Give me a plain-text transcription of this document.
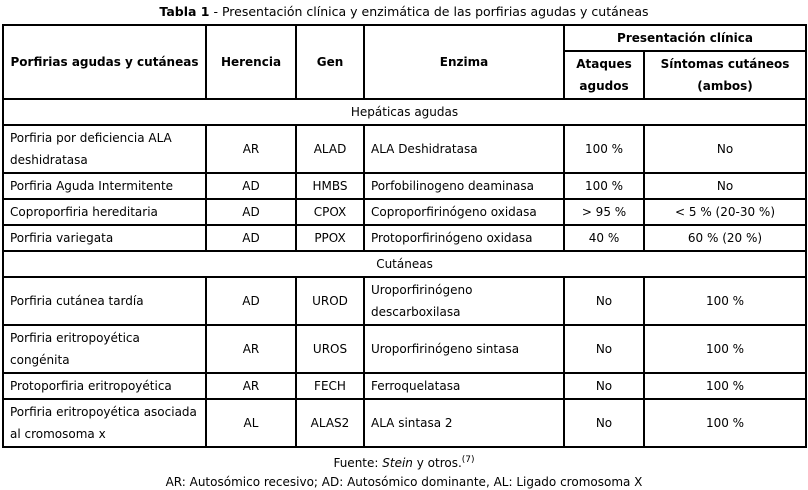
Tabla 1 - Presentación clínica y enzimática de las porfirias agudas y cutáneas
Porfirias agudas y cutáneas	Herencia	Gen	Enzima	Presentación clínica	
				Ataques agudos	Síntomas cutáneos (ambos)
Hepáticas agudas					
Porfiria por deficiencia ALA deshidratasa	AR	ALAD	ALA Deshidratasa	100 %	No
Porfiria Aguda Intermitente	AD	HMBS	Porfobilinogeno deaminasa	100 %	No
Coproporfiria hereditaria	AD	CPOX	Coproporfirinógeno oxidasa	> 95 %	< 5 % (20-30 %)
Porfiria variegata	AD	PPOX	Protoporfirinógeno oxidasa	40 %	60 % (20 %)
Cutáneas					
Porfiria cutánea tardía	AD	UROD	Uroporfirinógeno descarboxilasa	No	100 %
Porfiria eritropoyética congénita	AR	UROS	Uroporfirinógeno sintasa	No	100 %
Protoporfiria eritropoyética	AR	FECH	Ferroquelatasa	No	100 %
Porfiria eritropoyética asociada al cromosoma x	AL	ALAS2	ALA sintasa 2	No	100 %
Fuente: Stein y otros.$^{(7)}$
AR: Autosómico recesivo; AD: Autosómico dominante, AL: Ligado cromosoma X
